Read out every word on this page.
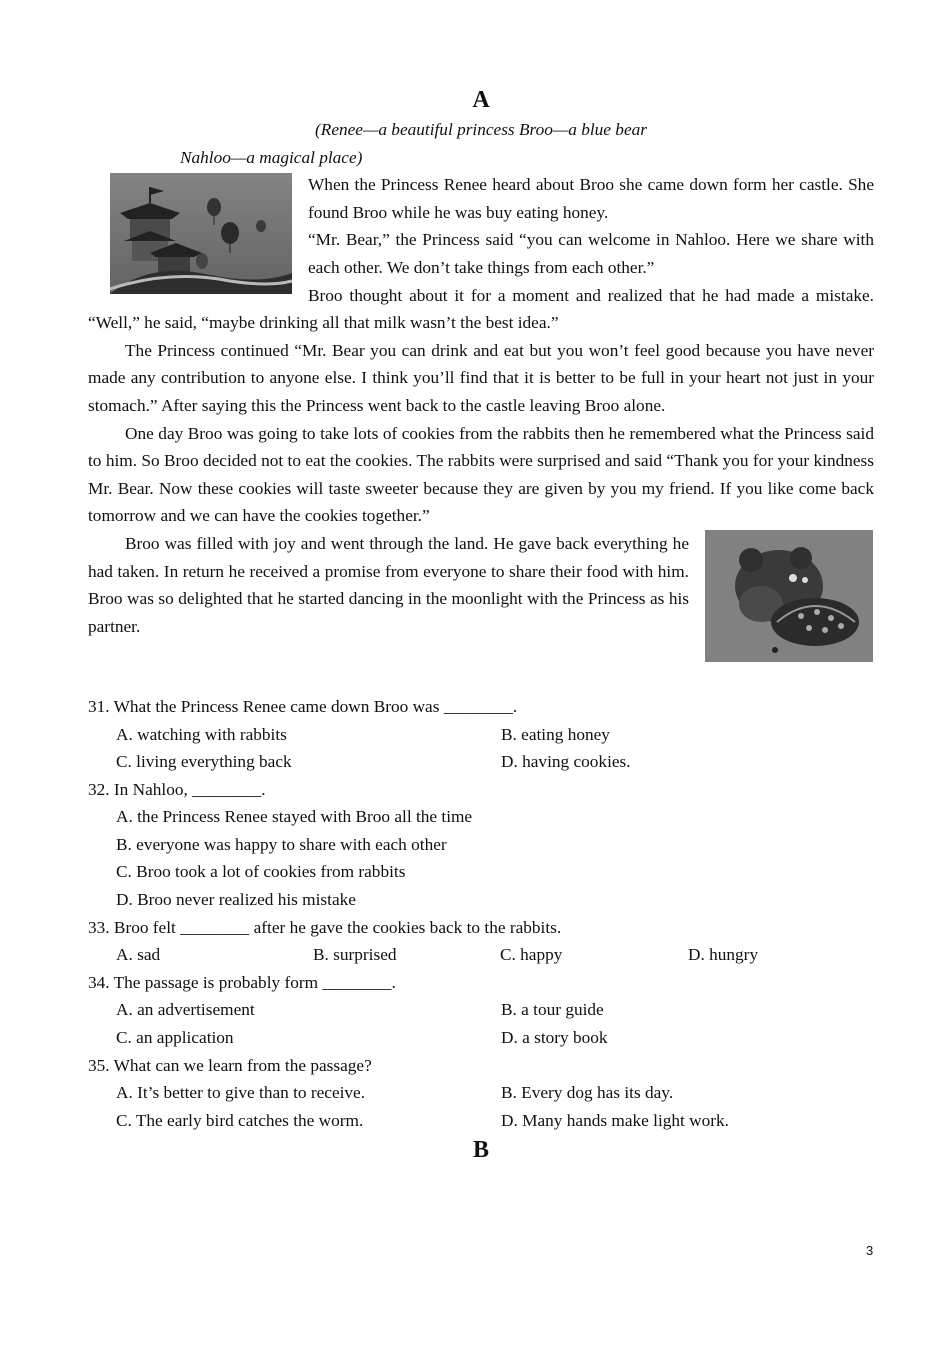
A

(Renee—a beautiful princess Broo—a blue bear

Nahloo—a magical place)

When the Princess Renee heard about Broo she came down form her castle. She found Broo while he was buy eating honey.

“Mr. Bear,” the Princess said “you can welcome in Nahloo. Here we share with each other. We don’t take things from each other.”

Broo thought about it for a moment and realized that he had made a mistake. “Well,” he said, “maybe drinking all that milk wasn’t the best idea.”

The Princess continued “Mr. Bear you can drink and eat but you won’t feel good because you have never made any contribution to anyone else. I think you’ll find that it is better to be full in your heart not just in your stomach.” After saying this the Princess went back to the castle leaving Broo alone.

One day Broo was going to take lots of cookies from the rabbits then he remembered what the Princess said to him. So Broo decided not to eat the cookies. The rabbits were surprised and said “Thank you for your kindness Mr. Bear. Now these cookies will taste sweeter because they are given by you my friend. If you like come back tomorrow and we can have the cookies together.”

Broo was filled with joy and went through the land. He gave back everything he had taken. In return he received a promise from everyone to share their food with him. Broo was so delighted that he started dancing in the moonlight with the Princess as his partner.

31. What the Princess Renee came down Broo was ________.

A. watching with rabbits	B. eating honey

C. living everything back	D. having cookies.

32. In Nahloo, ________.

A. the Princess Renee stayed with Broo all the time

B. everyone was happy to share with each other

C. Broo took a lot of cookies from rabbits

D. Broo never realized his mistake

33. Broo felt ________ after he gave the cookies back to the rabbits.

A. sad	B. surprised	C. happy	D. hungry

34. The passage is probably form ________.

A. an advertisement	B. a tour guide

C. an application	D. a story book

35. What can we learn from the passage?

A. It’s better to give than to receive.	B. Every dog has its day.

C. The early bird catches the worm.	D. Many hands make light work.

B
3
